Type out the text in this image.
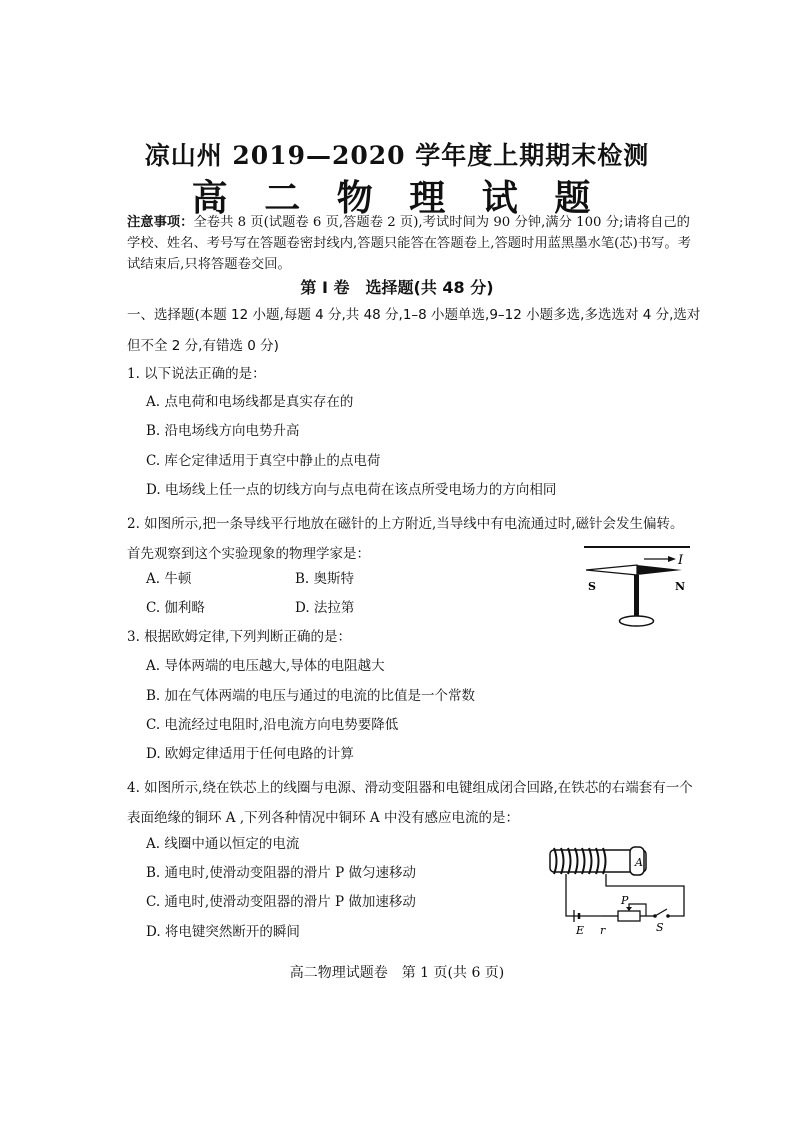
凉山州 2019—2020 学年度上期期末检测
高 二 物 理 试 题
注意事项：全卷共 8 页(试题卷 6 页,答题卷 2 页),考试时间为 90 分钟,满分 100 分;请将自己的学校、姓名、考号写在答题卷密封线内,答题只能答在答题卷上,答题时用蓝黑墨水笔(芯)书写。考试结束后,只将答题卷交回。
第 Ⅰ 卷　选择题(共 48 分)
一、选择题(本题 12 小题,每题 4 分,共 48 分,1–8 小题单选,9–12 小题多选,多选选对 4 分,选对但不全 2 分,有错选 0 分)
1. 以下说法正确的是：
A. 点电荷和电场线都是真实存在的
B. 沿电场线方向电势升高
C. 库仑定律适用于真空中静止的点电荷
D. 电场线上任一点的切线方向与点电荷在该点所受电场力的方向相同
2. 如图所示,把一条导线平行地放在磁针的上方附近,当导线中有电流通过时,磁针会发生偏转。首先观察到这个实验现象的物理学家是：
A. 牛顿	B. 奥斯特
C. 伽利略	D. 法拉第
I
S	N
3. 根据欧姆定律,下列判断正确的是：
A. 导体两端的电压越大,导体的电阻越大
B. 加在气体两端的电压与通过的电流的比值是一个常数
C. 电流经过电阻时,沿电流方向电势要降低
D. 欧姆定律适用于任何电路的计算
4. 如图所示,绕在铁芯上的线圈与电源、滑动变阻器和电键组成闭合回路,在铁芯的右端套有一个表面绝缘的铜环 A ,下列各种情况中铜环 A 中没有感应电流的是：
A. 线圈中通以恒定的电流
B. 通电时,使滑动变阻器的滑片 P 做匀速移动
C. 通电时,使滑动变阻器的滑片 P 做加速移动
D. 将电键突然断开的瞬间
A
E r
P
S
高二物理试题卷　第 1 页(共 6 页)
